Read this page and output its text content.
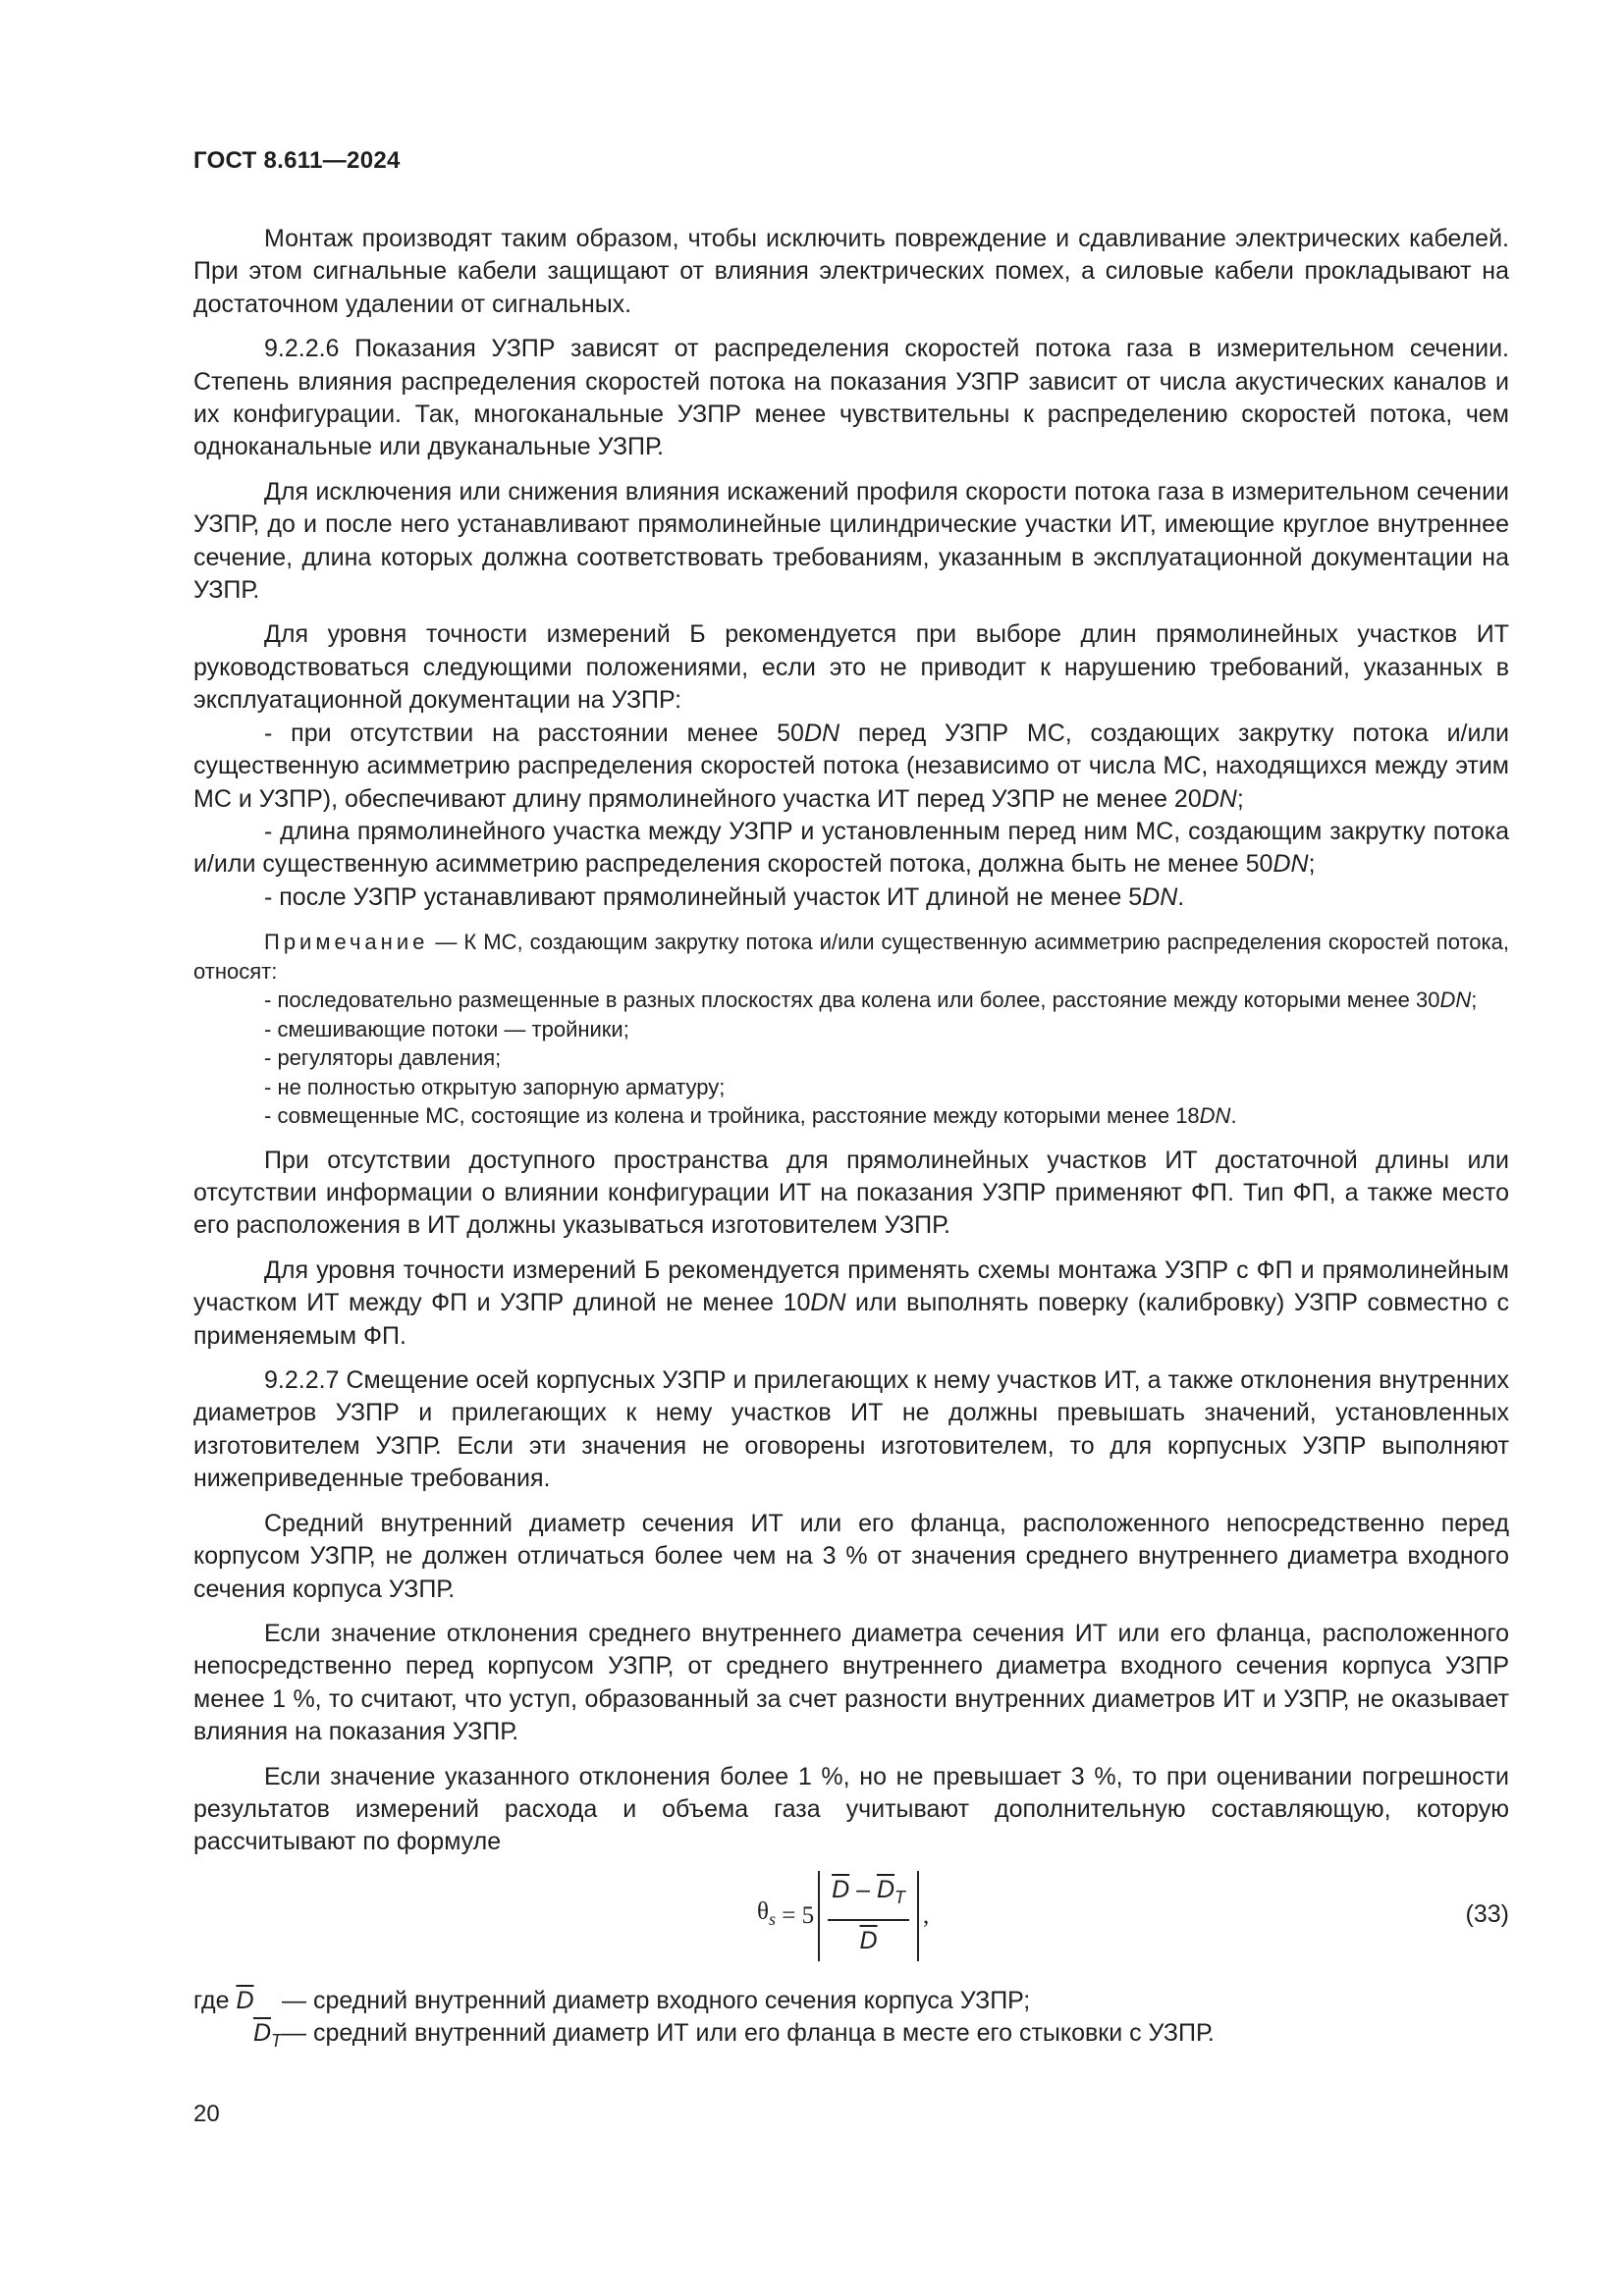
ГОСТ 8.611—2024

Монтаж производят таким образом, чтобы исключить повреждение и сдавливание электрических кабелей. При этом сигнальные кабели защищают от влияния электрических помех, а силовые кабели прокладывают на достаточном удалении от сигнальных.

9.2.2.6 Показания УЗПР зависят от распределения скоростей потока газа в измерительном сечении. Степень влияния распределения скоростей потока на показания УЗПР зависит от числа акустических каналов и их конфигурации. Так, многоканальные УЗПР менее чувствительны к распределению скоростей потока, чем одноканальные или двуканальные УЗПР.

Для исключения или снижения влияния искажений профиля скорости потока газа в измерительном сечении УЗПР, до и после него устанавливают прямолинейные цилиндрические участки ИТ, имеющие круглое внутреннее сечение, длина которых должна соответствовать требованиям, указанным в эксплуатационной документации на УЗПР.

Для уровня точности измерений Б рекомендуется при выборе длин прямолинейных участков ИТ руководствоваться следующими положениями, если это не приводит к нарушению требований, указанных в эксплуатационной документации на УЗПР:

- при отсутствии на расстоянии менее 50DN перед УЗПР МС, создающих закрутку потока и/или существенную асимметрию распределения скоростей потока (независимо от числа МС, находящихся между этим МС и УЗПР), обеспечивают длину прямолинейного участка ИТ перед УЗПР не менее 20DN;

- длина прямолинейного участка между УЗПР и установленным перед ним МС, создающим закрутку потока и/или существенную асимметрию распределения скоростей потока, должна быть не менее 50DN;

- после УЗПР устанавливают прямолинейный участок ИТ длиной не менее 5DN.

Примечание — К МС, создающим закрутку потока и/или существенную асимметрию распределения скоростей потока, относят:

- последовательно размещенные в разных плоскостях два колена или более, расстояние между которыми менее 30DN;

- смешивающие потоки — тройники;

- регуляторы давления;

- не полностью открытую запорную арматуру;

- совмещенные МС, состоящие из колена и тройника, расстояние между которыми менее 18DN.

При отсутствии доступного пространства для прямолинейных участков ИТ достаточной длины или отсутствии информации о влиянии конфигурации ИТ на показания УЗПР применяют ФП. Тип ФП, а также место его расположения в ИТ должны указываться изготовителем УЗПР.

Для уровня точности измерений Б рекомендуется применять схемы монтажа УЗПР с ФП и прямолинейным участком ИТ между ФП и УЗПР длиной не менее 10DN или выполнять поверку (калибровку) УЗПР совместно с применяемым ФП.

9.2.2.7 Смещение осей корпусных УЗПР и прилегающих к нему участков ИТ, а также отклонения внутренних диаметров УЗПР и прилегающих к нему участков ИТ не должны превышать значений, установленных изготовителем УЗПР. Если эти значения не оговорены изготовителем, то для корпусных УЗПР выполняют нижеприведенные требования.

Средний внутренний диаметр сечения ИТ или его фланца, расположенного непосредственно перед корпусом УЗПР, не должен отличаться более чем на 3 % от значения среднего внутреннего диаметра входного сечения корпуса УЗПР.

Если значение отклонения среднего внутреннего диаметра сечения ИТ или его фланца, расположенного непосредственно перед корпусом УЗПР, от среднего внутреннего диаметра входного сечения корпуса УЗПР менее 1 %, то считают, что уступ, образованный за счет разности внутренних диаметров ИТ и УЗПР, не оказывает влияния на показания УЗПР.

Если значение указанного отклонения более 1 %, но не превышает 3 %, то при оценивании погрешности результатов измерений расхода и объема газа учитывают дополнительную составляющую, которую рассчитывают по формуле

$\theta_s = 5 \frac{\overline{D} - \overline{D}_T}{D}$ ,	(33)
где $\overline{D}$	— средний внутренний диаметр входного сечения корпуса УЗПР;
$\overline{D}_T$ — средний внутренний диаметр ИТ или его фланца в месте его стыковки с УЗПР.
20
